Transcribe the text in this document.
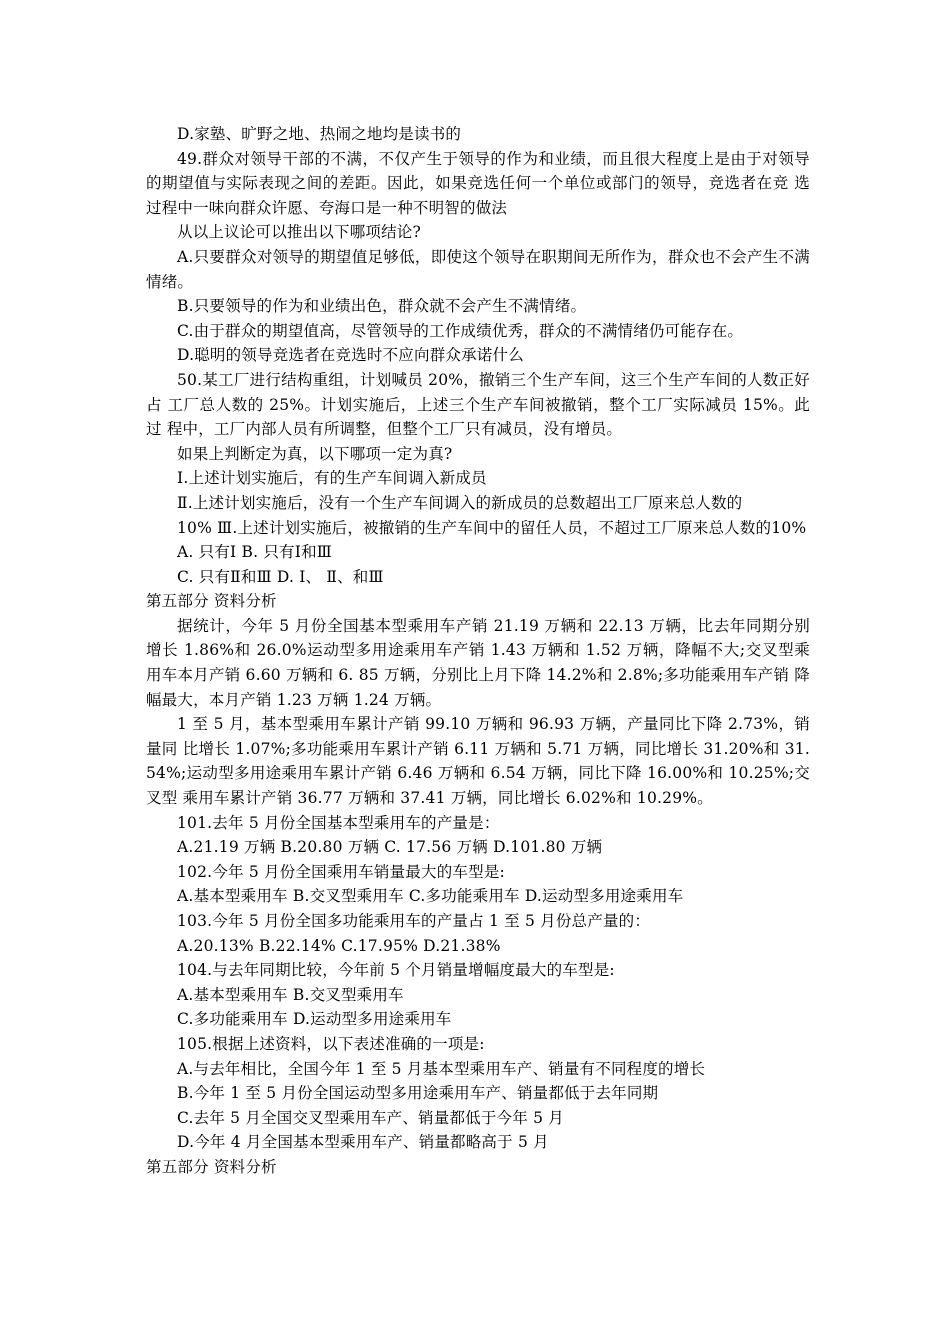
D.家塾、旷野之地、热闹之地均是读书的

49.群众对领导干部的不满，不仅产生于领导的作为和业绩，而且很大程度上是由于对领导 的期望值与实际表现之间的差距。因此，如果竞选任何一个单位或部门的领导，竞选者在竞 选过程中一味向群众许愿、夸海口是一种不明智的做法

从以上议论可以推出以下哪项结论?

A.只要群众对领导的期望值足够低，即使这个领导在职期间无所作为，群众也不会产生不满情绪。

B.只要领导的作为和业绩出色，群众就不会产生不满情绪。

C.由于群众的期望值高，尽管领导的工作成绩优秀，群众的不满情绪仍可能存在。

D.聪明的领导竞选者在竞选时不应向群众承诺什么

50.某工厂进行结构重组，计划喊员 20%，撤销三个生产车间，这三个生产车间的人数正好占 工厂总人数的 25%。计划实施后，上述三个生产车间被撤销，整个工厂实际减员 15%。此过 程中，工厂内部人员有所调整，但整个工厂只有减员，没有增员。

如果上判断定为真，以下哪项一定为真?

Ⅰ.上述计划实施后，有的生产车间调入新成员

Ⅱ.上述计划实施后，没有一个生产车间调入的新成员的总数超出工厂原来总人数的

10% Ⅲ.上述计划实施后，被撤销的生产车间中的留任人员，不超过工厂原来总人数的10%

A. 只有Ⅰ B. 只有Ⅰ和Ⅲ

C. 只有Ⅱ和Ⅲ D. Ⅰ、 Ⅱ、和Ⅲ

第五部分 资料分析

据统计，今年 5 月份全国基本型乘用车产销 21.19 万辆和 22.13 万辆，比去年同期分别增长 1.86%和 26.0%运动型多用途乘用车产销 1.43 万辆和 1.52 万辆，降幅不大;交叉型乘 用车本月产销 6.60 万辆和 6. 85 万辆，分别比上月下降 14.2%和 2.8%;多功能乘用车产销 降幅最大，本月产销 1.23 万辆 1.24 万辆。

1 至 5 月，基本型乘用车累计产销 99.10 万辆和 96.93 万辆，产量同比下降 2.73%，销量同 比增长 1.07%;多功能乘用车累计产销 6.11 万辆和 5.71 万辆，同比增长 31.20%和 31.54%;运动型多用途乘用车累计产销 6.46 万辆和 6.54 万辆，同比下降 16.00%和 10.25%;交叉型 乘用车累计产销 36.77 万辆和 37.41 万辆，同比增长 6.02%和 10.29%。

101.去年 5 月份全国基本型乘用车的产量是：

A.21.19 万辆 B.20.80 万辆 C. 17.56 万辆 D.101.80 万辆

102.今年 5 月份全国乘用车销量最大的车型是:

A.基本型乘用车 B.交叉型乘用车 C.多功能乘用车 D.运动型多用途乘用车

103.今年 5 月份全国多功能乘用车的产量占 1 至 5 月份总产量的：

A.20.13% B.22.14% C.17.95% D.21.38%

104.与去年同期比较，今年前 5 个月销量增幅度最大的车型是:

A.基本型乘用车 B.交叉型乘用车

C.多功能乘用车 D.运动型多用途乘用车

105.根据上述资料，以下表述准确的一项是:

A.与去年相比，全国今年 1 至 5 月基本型乘用车产、销量有不同程度的增长

B.今年 1 至 5 月份全国运动型多用途乘用车产、销量都低于去年同期

C.去年 5 月全国交叉型乘用车产、销量都低于今年 5 月

D.今年 4 月全国基本型乘用车产、销量都略高于 5 月

第五部分 资料分析
